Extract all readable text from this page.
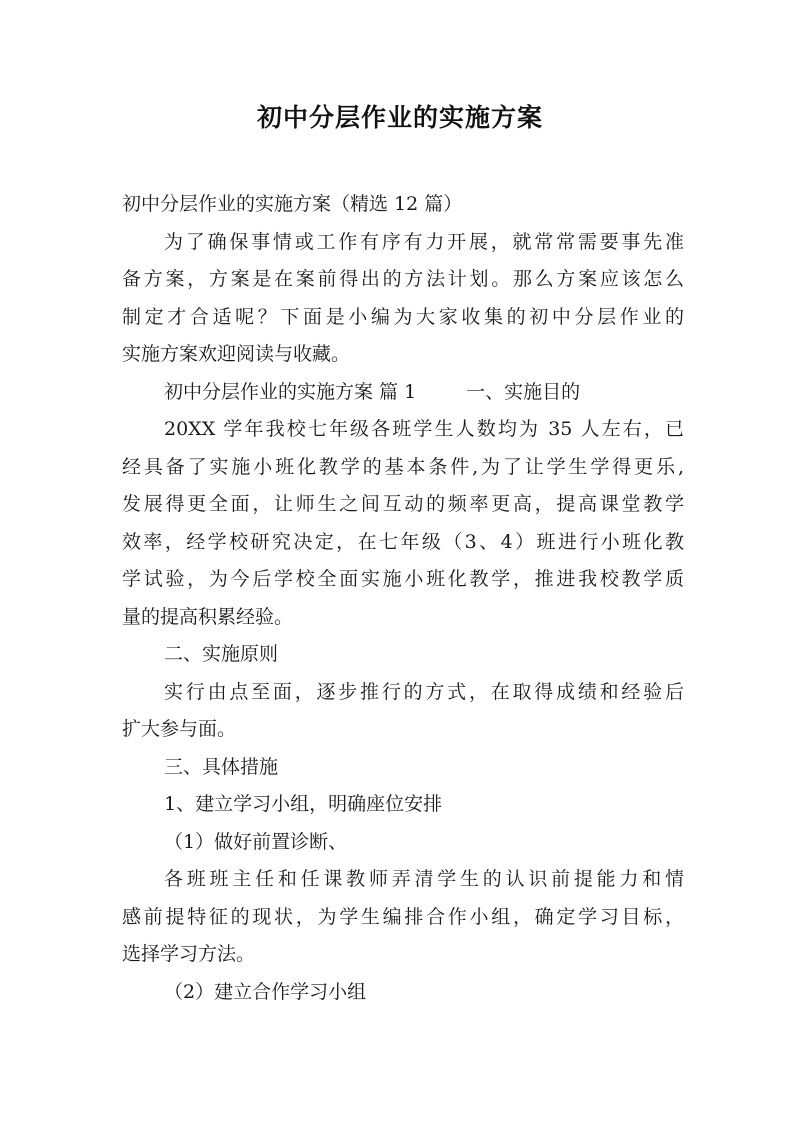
初中分层作业的实施方案
初中分层作业的实施方案（精选 12 篇）
为了确保事情或工作有序有力开展，就常常需要事先准
备方案，方案是在案前得出的方法计划。那么方案应该怎么
制定才合适呢？下面是小编为大家收集的初中分层作业的
实施方案欢迎阅读与收藏。
初中分层作业的实施方案 篇 1	一、实施目的
20XX 学年我校七年级各班学生人数均为 35 人左右，已
经具备了实施小班化教学的基本条件,为了让学生学得更乐,
发展得更全面，让师生之间互动的频率更高，提高课堂教学
效率，经学校研究决定，在七年级（3、4）班进行小班化教
学试验，为今后学校全面实施小班化教学，推进我校教学质
量的提高积累经验。
二、实施原则
实行由点至面，逐步推行的方式，在取得成绩和经验后
扩大参与面。
三、具体措施
1、建立学习小组，明确座位安排
（1）做好前置诊断、
各班班主任和任课教师弄清学生的认识前提能力和情
感前提特征的现状，为学生编排合作小组，确定学习目标，
选择学习方法。
（2）建立合作学习小组
